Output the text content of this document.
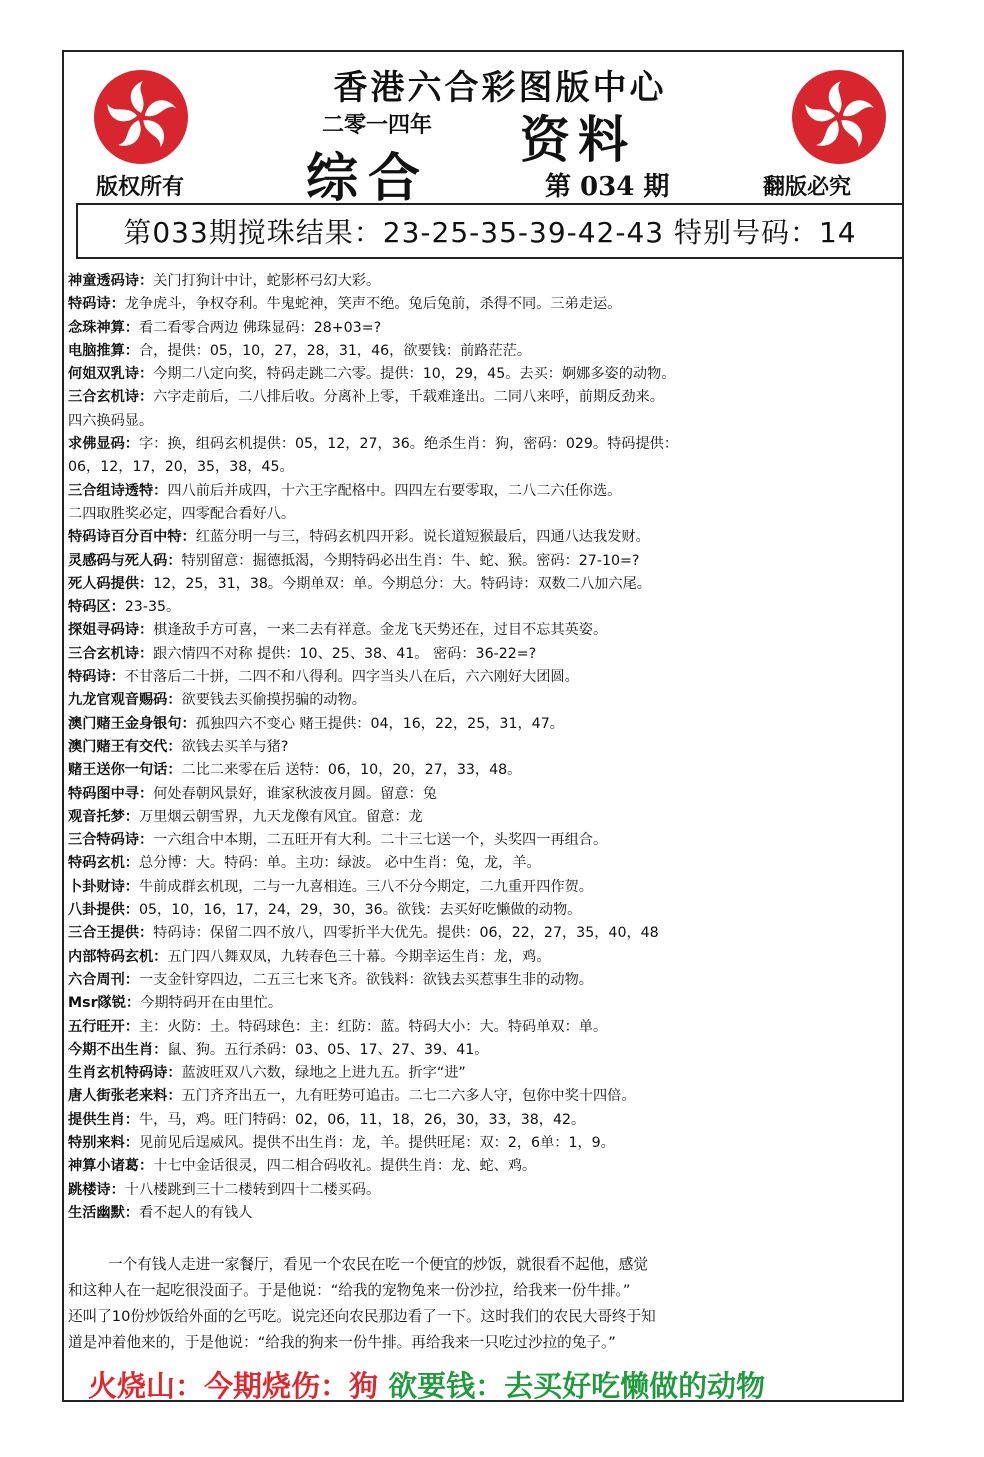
香港六合彩图版中心
二零一四年 资料
综合	第 034 期
版权所有	翻版必究
第033期搅珠结果：23-25-35-39-42-43 特别号码：14
神童透码诗：关门打狗计中计，蛇影杯弓幻大彩。
特码诗：龙争虎斗，争权夺利。牛鬼蛇神，笑声不绝。兔后兔前，杀得不同。三弟走运。
念珠神算：看二看零合两边 佛珠显码：28+03=?
电脑推算：合，提供：05，10，27，28，31，46，欲要钱：前路茫茫。
何姐双乳诗：今期二八定向奖，特码走跳二六零。提供：10，29，45。去买：婀娜多姿的动物。
三合玄机诗：六字走前后，二八排后收。分离补上零，千载难逢出。二同八来呼，前期反劲来。
四六换码显。
求佛显码：字：换，组码玄机提供：05，12，27，36。绝杀生肖：狗，密码：029。特码提供：
06，12，17，20，35，38，45。
三合组诗透特：四八前后并成四，十六王字配格中。四四左右要零取，二八二六任你选。
二四取胜奖必定，四零配合看好八。
特码诗百分百中特：红蓝分明一与三，特码玄机四开彩。说长道短猴最后，四通八达我发财。
灵感码与死人码：特别留意：掘德抵渴，今期特码必出生肖：牛、蛇、猴。密码：27-10=?
死人码提供：12，25，31，38。今期单双：单。今期总分：大。特码诗：双数二八加六尾。
特码区：23-35。
探姐寻码诗：棋逢敌手方可喜，一来二去有祥意。金龙飞天势还在，过目不忘其英姿。
三合玄机诗：跟六情四不对称 提供：10、25、38、41。 密码：36-22=?
特码诗：不甘落后二十拼，二四不和八得利。四字当头八在后，六六刚好大团圆。
九龙官观音赐码：欲要钱去买偷摸拐骗的动物。
澳门赌王金身银句：孤独四六不变心 赌王提供：04，16，22，25，31，47。
澳门赌王有交代：欲钱去买羊与猪?
赌王送你一句话：二比二来零在后 送特：06，10，20，27，33，48。
特码图中寻：何处春朝风景好，谁家秋波夜月圆。留意：兔
观音托梦：万里烟云朝雪界，九天龙像有风宜。留意：龙
三合特码诗：一六组合中本期，二五旺开有大利。二十三七送一个，头奖四一再组合。
特码玄机：总分博：大。特码：单。主功：绿波。 必中生肖：兔，龙，羊。
卜卦财诗：牛前成群玄机现，二与一九喜相连。三八不分今期定，二九重开四作贺。
八卦提供：05，10，16，17，24，29，30，36。欲钱：去买好吃懒做的动物。
三合王提供：特码诗：保留二四不放八，四零折半大优先。提供：06，22，27，35，40，48
内部特码玄机：五门四八舞双凤，九转春色三十幕。今期幸运生肖：龙，鸡。
六合周刊：一支金针穿四边，二五三七来飞齐。欲钱料：欲钱去买惹事生非的动物。
Msr隊锐：今期特码开在由里忙。
五行旺开：主：火防：土。特码球色：主：红防：蓝。特码大小：大。特码单双：单。
今期不出生肖：鼠、狗。五行杀码：03、05、17、27、39、41。
生肖玄机特码诗：蓝波旺双八六数，绿地之上进九五。折字“进”
唐人街张老来料：五门齐齐出五一，九有旺势可追击。二七二六多人守，包你中奖十四倍。
提供生肖：牛，马，鸡。旺门特码：02，06，11，18，26，30，33，38，42。
特别来料：见前见后逞威风。提供不出生肖：龙，羊。提供旺尾：双：2，6单：1，9。
神算小诸葛：十七中金话很灵，四二相合码收礼。提供生肖：龙、蛇、鸡。
跳楼诗：十八楼跳到三十二楼转到四十二楼买码。
生活幽默：看不起人的有钱人
一个有钱人走进一家餐厅，看见一个农民在吃一个便宜的炒饭，就很看不起他，感觉
和这种人在一起吃很没面子。于是他说：“给我的宠物兔来一份沙拉，给我来一份牛排。”
还叫了10份炒饭给外面的乞丐吃。说完还向农民那边看了一下。这时我们的农民大哥终于知
道是冲着他来的，于是他说：“给我的狗来一份牛排。再给我来一只吃过沙拉的兔子。”
火烧山：今期烧伤：狗 欲要钱：去买好吃懒做的动物
